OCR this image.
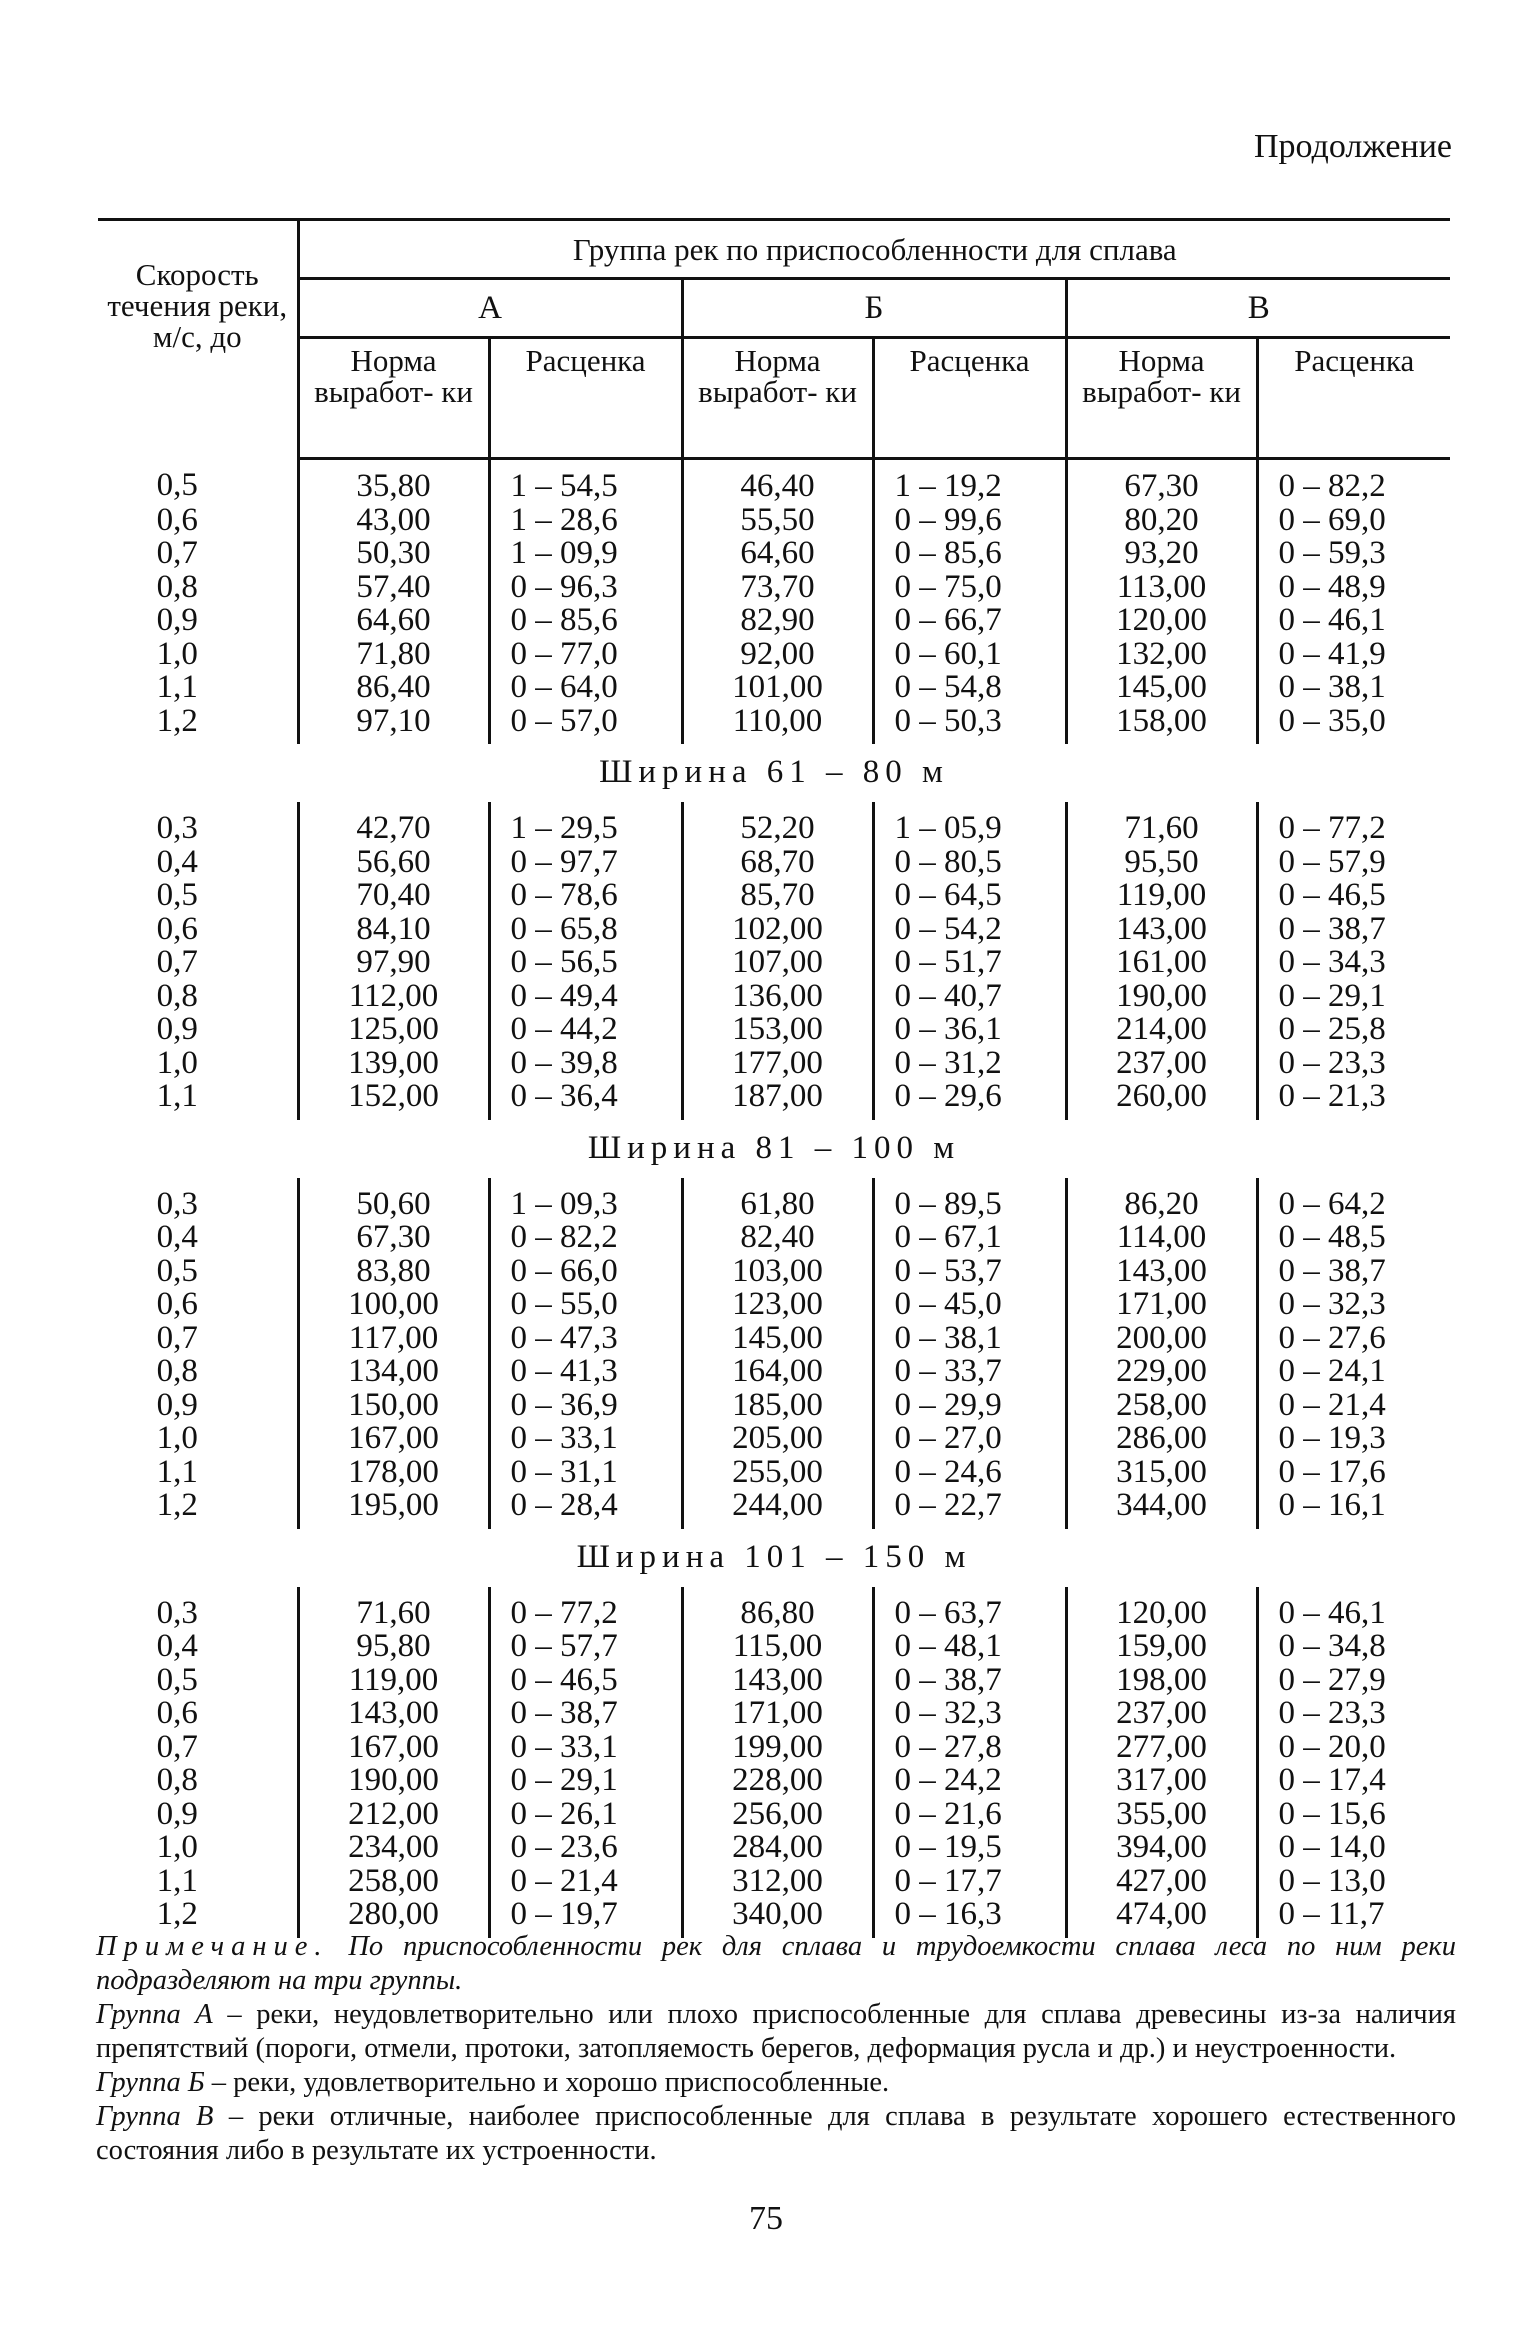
Продолжение
Скорость течения реки, м/с, до	Группа рек по приспособленности для сплава					
	А		Б		В	
	Норма выработ- ки	Расценка	Норма выработ- ки	Расценка	Норма выработ- ки	Расценка
0,5	35,80	1 – 54,5	46,40	1 – 19,2	67,30	0 – 82,2
0,6	43,00	1 – 28,6	55,50	0 – 99,6	80,20	0 – 69,0
0,7	50,30	1 – 09,9	64,60	0 – 85,6	93,20	0 – 59,3
0,8	57,40	0 – 96,3	73,70	0 – 75,0	113,00	0 – 48,9
0,9	64,60	0 – 85,6	82,90	0 – 66,7	120,00	0 – 46,1
1,0	71,80	0 – 77,0	92,00	0 – 60,1	132,00	0 – 41,9
1,1	86,40	0 – 64,0	101,00	0 – 54,8	145,00	0 – 38,1
1,2	97,10	0 – 57,0	110,00	0 – 50,3	158,00	0 – 35,0
Ширина 61 – 80 м						
0,3	42,70	1 – 29,5	52,20	1 – 05,9	71,60	0 – 77,2
0,4	56,60	0 – 97,7	68,70	0 – 80,5	95,50	0 – 57,9
0,5	70,40	0 – 78,6	85,70	0 – 64,5	119,00	0 – 46,5
0,6	84,10	0 – 65,8	102,00	0 – 54,2	143,00	0 – 38,7
0,7	97,90	0 – 56,5	107,00	0 – 51,7	161,00	0 – 34,3
0,8	112,00	0 – 49,4	136,00	0 – 40,7	190,00	0 – 29,1
0,9	125,00	0 – 44,2	153,00	0 – 36,1	214,00	0 – 25,8
1,0	139,00	0 – 39,8	177,00	0 – 31,2	237,00	0 – 23,3
1,1	152,00	0 – 36,4	187,00	0 – 29,6	260,00	0 – 21,3
Ширина 81 – 100 м						
0,3	50,60	1 – 09,3	61,80	0 – 89,5	86,20	0 – 64,2
0,4	67,30	0 – 82,2	82,40	0 – 67,1	114,00	0 – 48,5
0,5	83,80	0 – 66,0	103,00	0 – 53,7	143,00	0 – 38,7
0,6	100,00	0 – 55,0	123,00	0 – 45,0	171,00	0 – 32,3
0,7	117,00	0 – 47,3	145,00	0 – 38,1	200,00	0 – 27,6
0,8	134,00	0 – 41,3	164,00	0 – 33,7	229,00	0 – 24,1
0,9	150,00	0 – 36,9	185,00	0 – 29,9	258,00	0 – 21,4
1,0	167,00	0 – 33,1	205,00	0 – 27,0	286,00	0 – 19,3
1,1	178,00	0 – 31,1	255,00	0 – 24,6	315,00	0 – 17,6
1,2	195,00	0 – 28,4	244,00	0 – 22,7	344,00	0 – 16,1
Ширина 101 – 150 м						
0,3	71,60	0 – 77,2	86,80	0 – 63,7	120,00	0 – 46,1
0,4	95,80	0 – 57,7	115,00	0 – 48,1	159,00	0 – 34,8
0,5	119,00	0 – 46,5	143,00	0 – 38,7	198,00	0 – 27,9
0,6	143,00	0 – 38,7	171,00	0 – 32,3	237,00	0 – 23,3
0,7	167,00	0 – 33,1	199,00	0 – 27,8	277,00	0 – 20,0
0,8	190,00	0 – 29,1	228,00	0 – 24,2	317,00	0 – 17,4
0,9	212,00	0 – 26,1	256,00	0 – 21,6	355,00	0 – 15,6
1,0	234,00	0 – 23,6	284,00	0 – 19,5	394,00	0 – 14,0
1,1	258,00	0 – 21,4	312,00	0 – 17,7	427,00	0 – 13,0
1,2	280,00	0 – 19,7	340,00	0 – 16,3	474,00	0 – 11,7

Примечание. По приспособленности рек для сплава и трудоемкости сплава леса по ним реки подразделяют на три группы.

Группа А – реки, неудовлетворительно или плохо приспособленные для сплава древесины из-за наличия препятствий (пороги, отмели, протоки, затопляемость берегов, деформация русла и др.) и неустроенности.

Группа Б – реки, удовлетворительно и хорошо приспособленные.

Группа В – реки отличные, наиболее приспособленные для сплава в результате хорошего естественного состояния либо в результате их устроенности.

75
